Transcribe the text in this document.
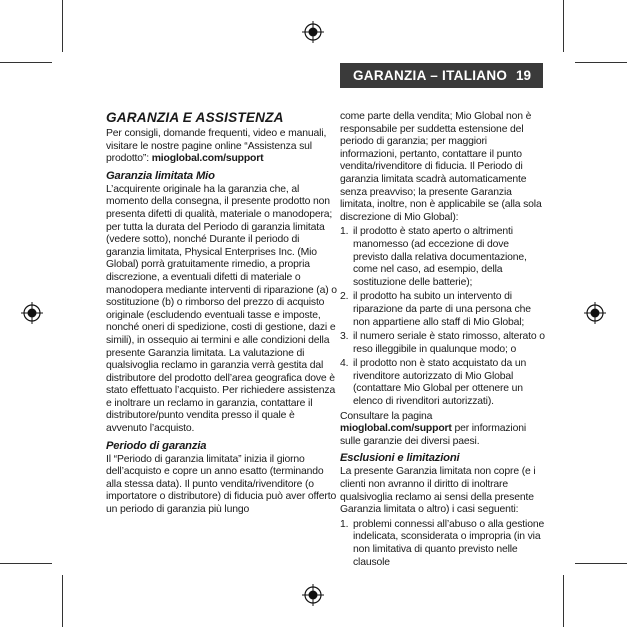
GARANZIA – ITALIANO 19
GARANZIA E ASSISTENZA

Per consigli, domande frequenti, video e manuali, visitare le nostre pagine online “Assistenza sul prodotto”: mioglobal.com/support

Garanzia limitata Mio

L’acquirente originale ha la garanzia che, al momento della consegna, il presente prodotto non presenta difetti di qualità, materiale o manodopera; per tutta la durata del Periodo di garanzia limitata (vedere sotto), nonché Durante il periodo di garanzia limitata, Physical Enterprises Inc. (Mio Global) porrà gratuitamente rimedio, a propria discrezione, a eventuali difetti di materiale o manodopera mediante interventi di riparazione (a) o sostituzione (b) o rimborso del prezzo di acquisto originale (escludendo eventuali tasse e imposte, nonché oneri di spedizione, costi di gestione, dazi e simili), in ossequio ai termini e alle condizioni della presente Garanzia limitata. La valutazione di qualsivoglia reclamo in garanzia verrà gestita dal distributore del prodotto dell’area geografica dove è stato effettuato l’acquisto. Per richiedere assistenza e inoltrare un reclamo in garanzia, contattare il distributore/punto vendita presso il quale è avvenuto l’acquisto.

Periodo di garanzia

Il “Periodo di garanzia limitata” inizia il giorno dell’acquisto e copre un anno esatto (terminando alla stessa data). Il punto vendita/rivenditore (o importatore o distributore) di fiducia può aver offerto un periodo di garanzia più lungo

come parte della vendita; Mio Global non è responsabile per suddetta estensione del periodo di garanzia; per maggiori informazioni, pertanto, contattare il punto vendita/rivenditore di fiducia. Il Periodo di garanzia limitata scadrà automaticamente senza preavviso; la presente Garanzia limitata, inoltre, non è applicabile se (alla sola discrezione di Mio Global):

1. il prodotto è stato aperto o altrimenti manomesso (ad eccezione di dove previsto dalla relativa documentazione, come nel caso, ad esempio, della sostituzione delle batterie);
2. il prodotto ha subito un intervento di riparazione da parte di una persona che non appartiene allo staff di Mio Global;
3. il numero seriale è stato rimosso, alterato o reso illeggibile in qualunque modo; o
4. il prodotto non è stato acquistato da un rivenditore autorizzato di Mio Global (contattare Mio Global per ottenere un elenco di rivenditori autorizzati).

Consultare la pagina mioglobal.com/support per informazioni sulle garanzie dei diversi paesi.

Esclusioni e limitazioni

La presente Garanzia limitata non copre (e i clienti non avranno il diritto di inoltrare qualsivoglia reclamo ai sensi della presente Garanzia limitata o altro) i casi seguenti:

1. problemi connessi all’abuso o alla gestione indelicata, sconsiderata o impropria (in via non limitativa di quanto previsto nelle clausole
